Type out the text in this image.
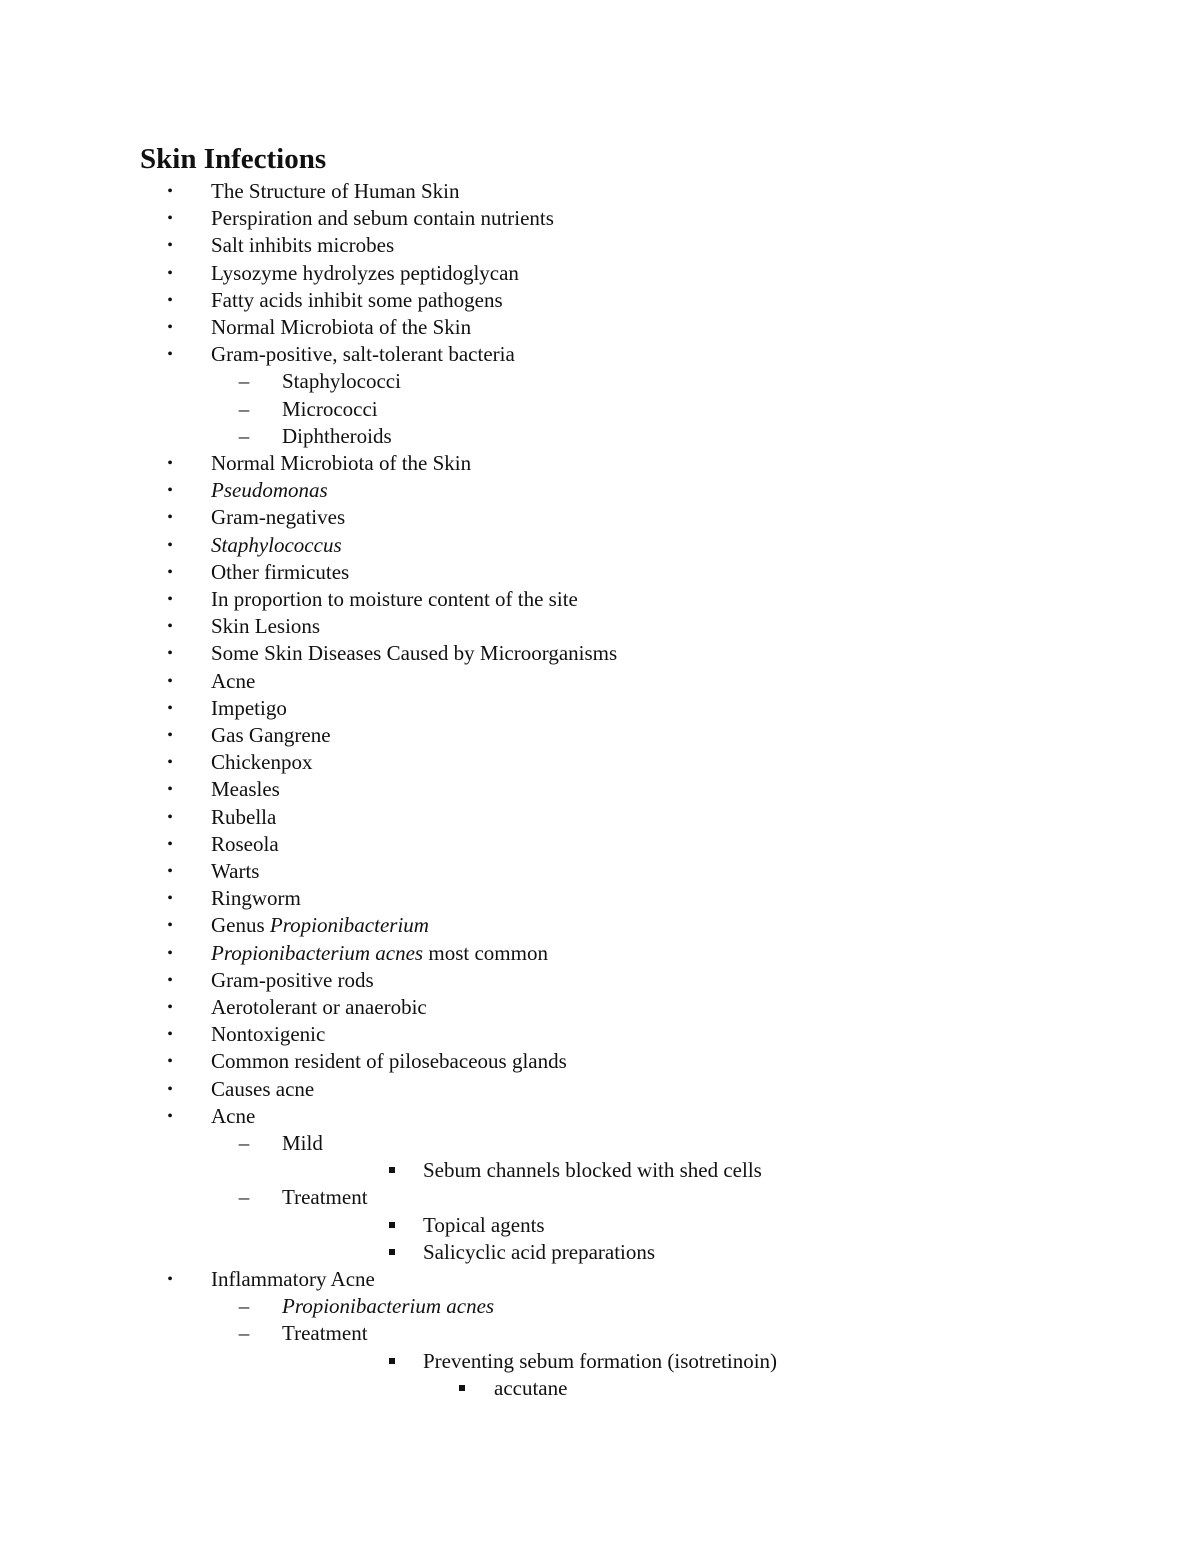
Skin Infections
•	The Structure of Human Skin
•	Perspiration and sebum contain nutrients
•	Salt inhibits microbes
•	Lysozyme hydrolyzes peptidoglycan
•	Fatty acids inhibit some pathogens
•	Normal Microbiota of the Skin
•	Gram-positive, salt-tolerant bacteria
– Staphylococci
– Micrococci
– Diphtheroids
•	Normal Microbiota of the Skin
•	Pseudomonas
•	Gram-negatives
•	Staphylococcus
•	Other firmicutes
•	In proportion to moisture content of the site
•	Skin Lesions
•	Some Skin Diseases Caused by Microorganisms
•	Acne
•	Impetigo
•	Gas Gangrene
•	Chickenpox
•	Measles
•	Rubella
•	Roseola
•	Warts
•	Ringworm
•	Genus Propionibacterium
•	Propionibacterium acnes most common
•	Gram-positive rods
•	Aerotolerant or anaerobic
•	Nontoxigenic
•	Common resident of pilosebaceous glands
•	Causes acne
•	Acne
– Mild
Sebum channels blocked with shed cells
– Treatment
Topical agents
Salicyclic acid preparations
•	Inflammatory Acne
– Propionibacterium acnes
– Treatment
Preventing sebum formation (isotretinoin)
accutane
